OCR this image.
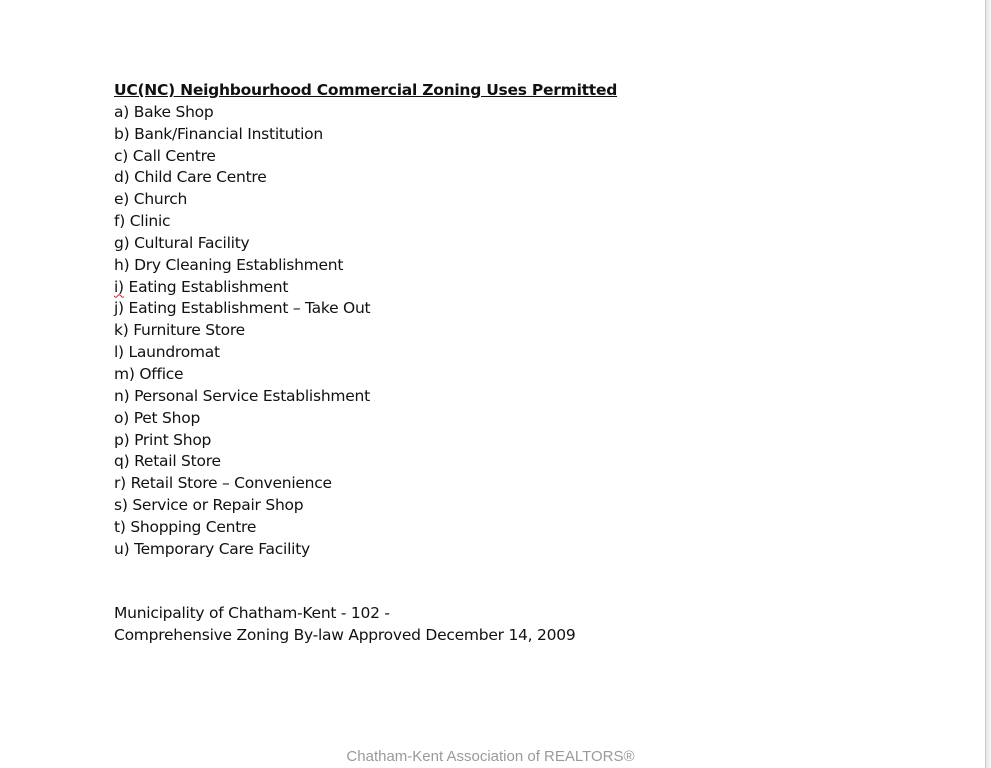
UC(NC) Neighbourhood Commercial Zoning Uses Permitted
a) Bake Shop
b) Bank/Financial Institution
c) Call Centre
d) Child Care Centre
e) Church
f) Clinic
g) Cultural Facility
h) Dry Cleaning Establishment
i) Eating Establishment
j) Eating Establishment – Take Out
k) Furniture Store
l) Laundromat
m) Office
n) Personal Service Establishment
o) Pet Shop
p) Print Shop
q) Retail Store
r) Retail Store – Convenience
s) Service or Repair Shop
t) Shopping Centre
u) Temporary Care Facility
Municipality of Chatham-Kent - 102 -
Comprehensive Zoning By-law Approved December 14, 2009
Chatham-Kent Association of REALTORS®
